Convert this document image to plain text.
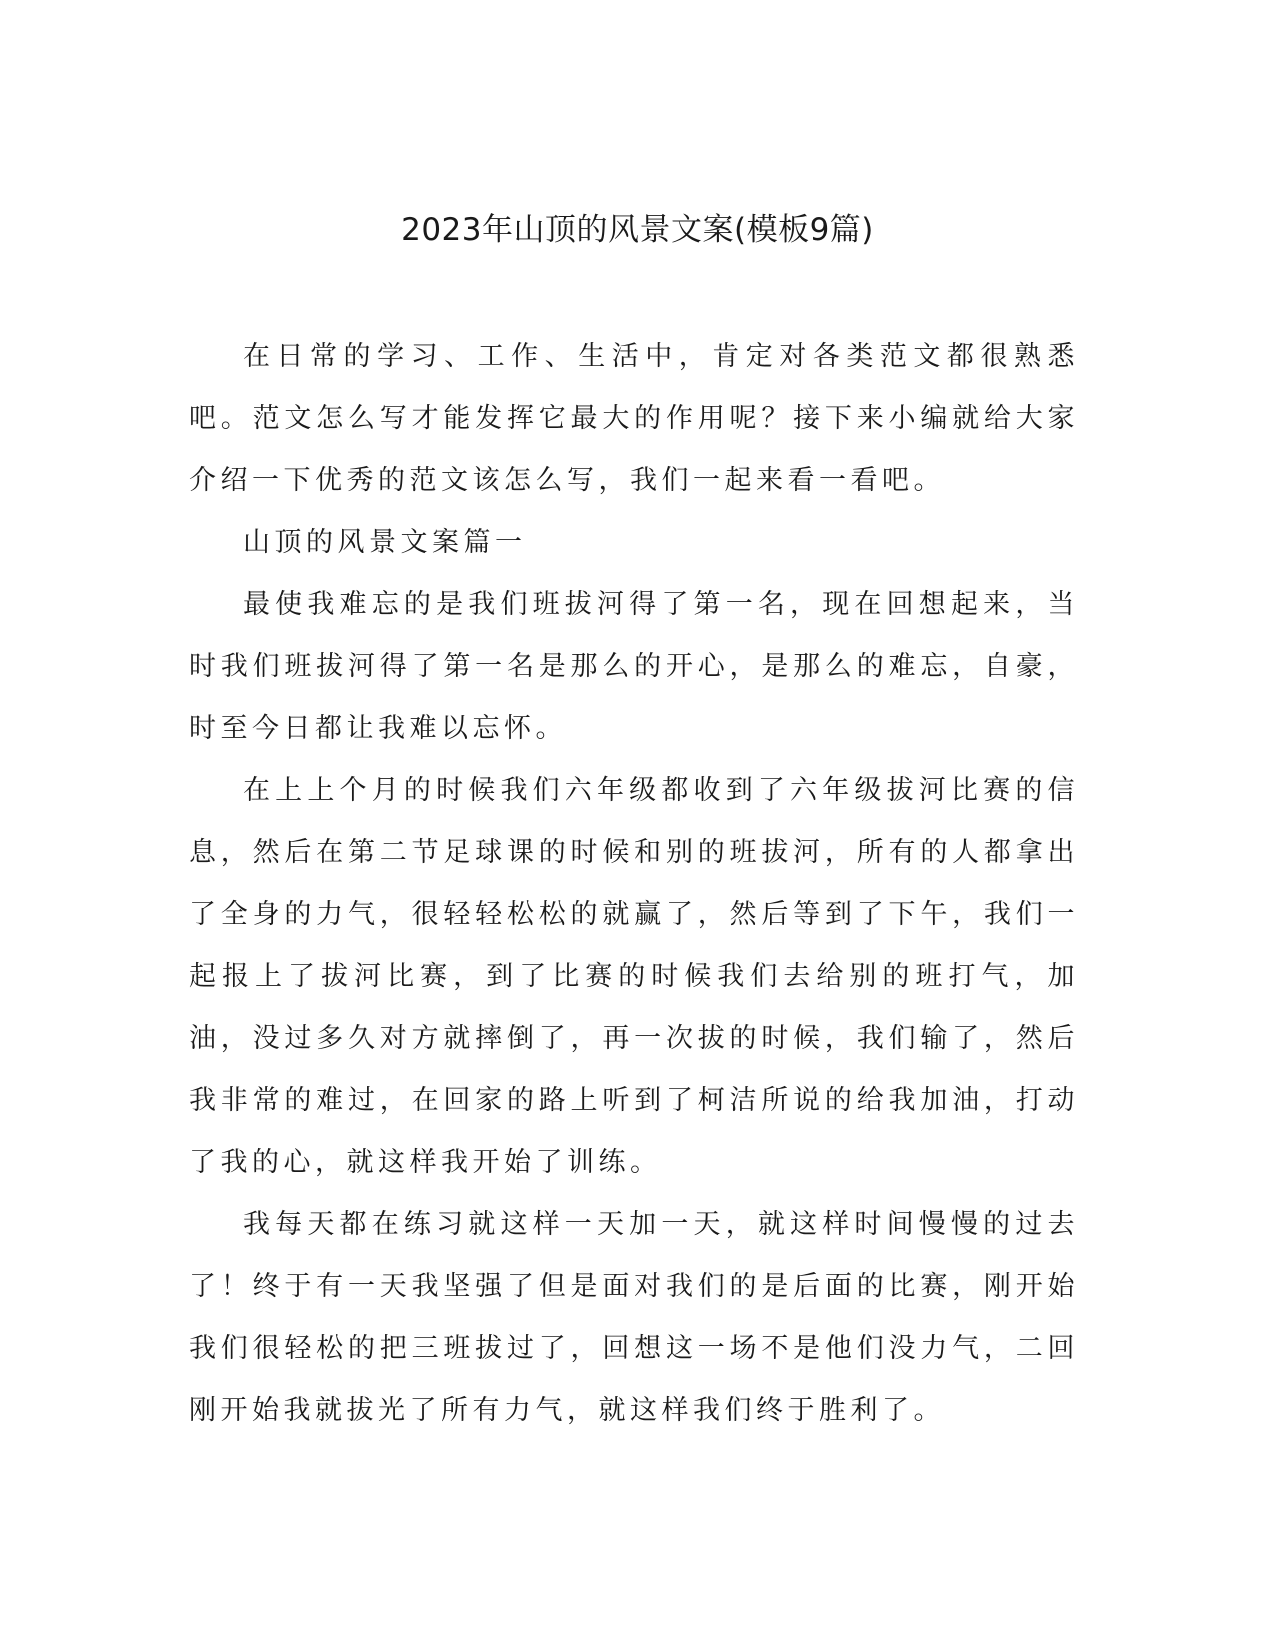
2023年山顶的风景文案(模板9篇)

在日常的学习、工作、生活中，肯定对各类范文都很熟悉吧。范文怎么写才能发挥它最大的作用呢？接下来小编就给大家介绍一下优秀的范文该怎么写，我们一起来看一看吧。

山顶的风景文案篇一

最使我难忘的是我们班拔河得了第一名，现在回想起来，当时我们班拔河得了第一名是那么的开心，是那么的难忘，自豪，时至今日都让我难以忘怀。

在上上个月的时候我们六年级都收到了六年级拔河比赛的信息，然后在第二节足球课的时候和别的班拔河，所有的人都拿出了全身的力气，很轻轻松松的就赢了，然后等到了下午，我们一起报上了拔河比赛，到了比赛的时候我们去给别的班打气，加油，没过多久对方就摔倒了，再一次拔的时候，我们输了，然后我非常的难过，在回家的路上听到了柯洁所说的给我加油，打动了我的心，就这样我开始了训练。

我每天都在练习就这样一天加一天，就这样时间慢慢的过去了！终于有一天我坚强了但是面对我们的是后面的比赛，刚开始我们很轻松的把三班拔过了，回想这一场不是他们没力气，二回刚开始我就拔光了所有力气，就这样我们终于胜利了。
